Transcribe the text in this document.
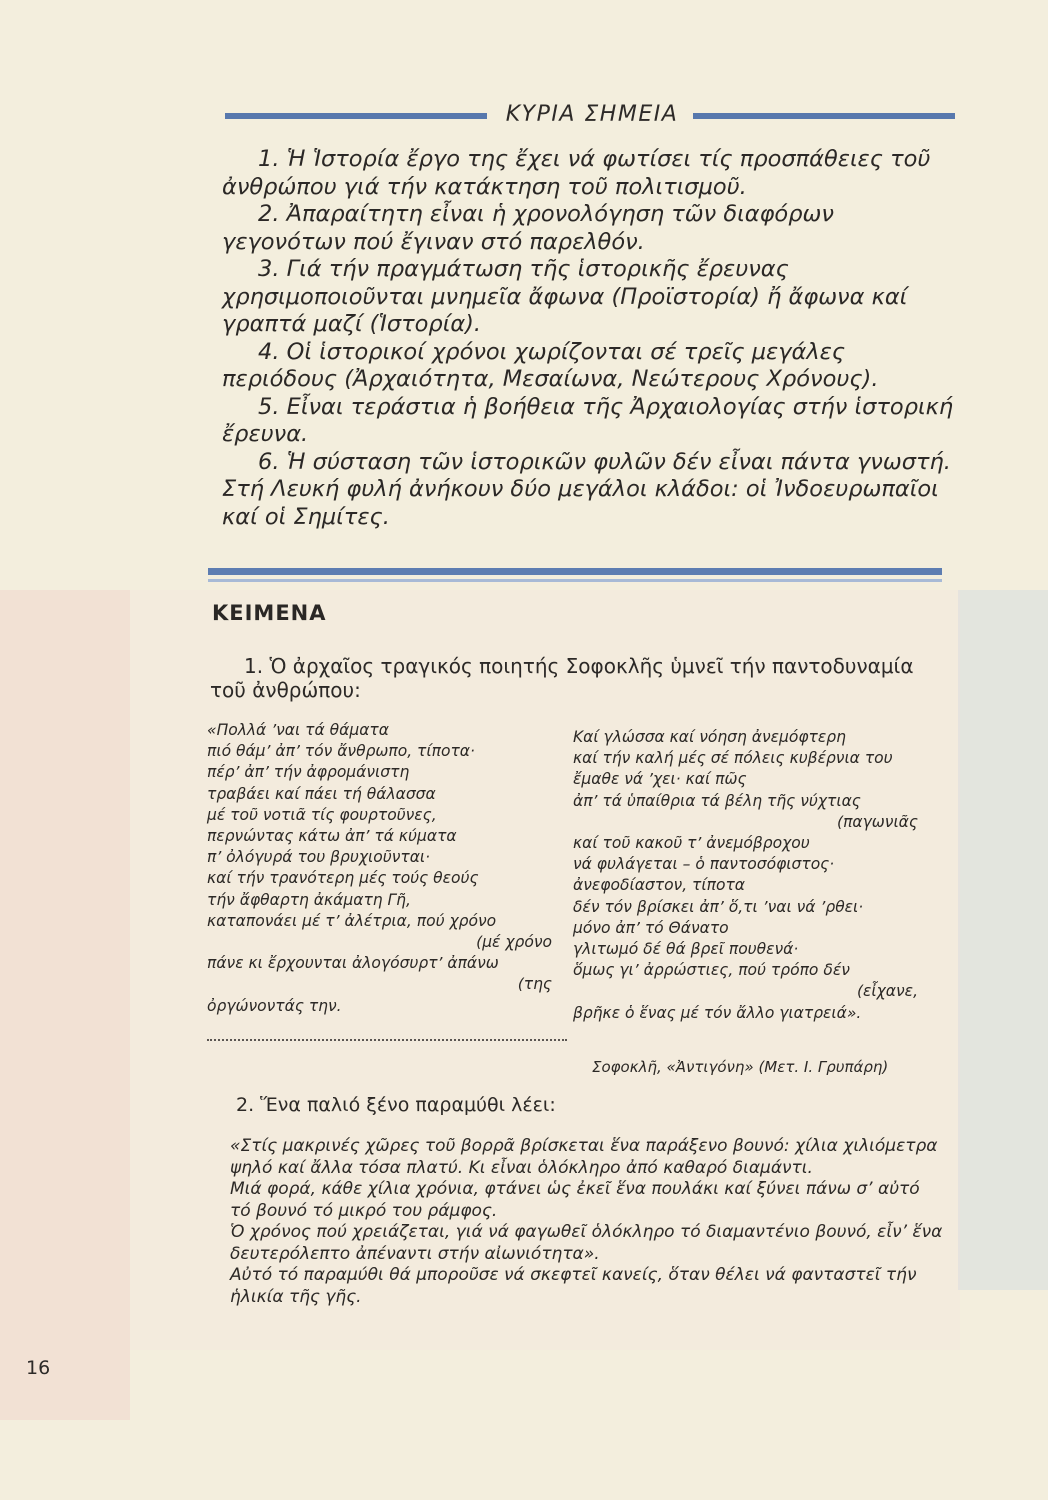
ΚΥΡΙΑ ΣΗΜΕΙΑ

1. Ἡ Ἱστορία ἔργο της ἔχει νά φωτίσει τίς προσπάθειες τοῦ ἀνθρώπου γιά τήν κατάκτηση τοῦ πολιτισμοῦ.

2. Ἀπαραίτητη εἶναι ἡ χρονολόγηση τῶν διαφόρων γεγονότων πού ἔγιναν στό παρελθόν.

3. Γιά τήν πραγμάτωση τῆς ἱστορικῆς ἔρευνας χρησιμοποιοῦνται μνημεῖα ἄφωνα (Προϊστορία) ἤ ἄφωνα καί γραπτά μαζί (Ἱστορία).

4. Οἱ ἱστορικοί χρόνοι χωρίζονται σέ τρεῖς μεγάλες περιόδους (Ἀρχαιότητα, Μεσαίωνα, Νεώτερους Χρόνους).

5. Εἶναι τεράστια ἡ βοήθεια τῆς Ἀρχαιολογίας στήν ἱστορική ἔρευνα.

6. Ἡ σύσταση τῶν ἱστορικῶν φυλῶν δέν εἶναι πάντα γνωστή. Στή Λευκή φυλή ἀνήκουν δύο μεγάλοι κλάδοι: οἱ Ἰνδοευρωπαῖοι καί οἱ Σημίτες.

ΚΕΙΜΕΝΑ
1. Ὁ ἀρχαῖος τραγικός ποιητής Σοφοκλῆς ὑμνεῖ τήν παντοδυναμία τοῦ ἀνθρώπου:
«Πολλά ’ναι τά θάματα
πιό θάμ’ ἀπ’ τόν ἄνθρωπο, τίποτα·
πέρ’ ἀπ’ τήν ἀφρομάνιστη
τραβάει καί πάει τή θάλασσα
μέ τοῦ νοτιᾶ τίς φουρτοῦνες,
περνώντας κάτω ἀπ’ τά κύματα
π’ ὀλόγυρά του βρυχιοῦνται·
καί τήν τρανότερη μές τούς θεούς
τήν ἄφθαρτη ἀκάματη Γῆ,
καταπονάει μέ τ’ ἀλέτρια, πού χρόνο
(μέ χρόνο
πάνε κι ἔρχουνται ἀλογόσυρτ’ ἀπάνω
(της
ὀργώνοντάς την.
Καί γλώσσα καί νόηση ἀνεμόφτερη
καί τήν καλή μές σέ πόλεις κυβέρνια του
ἔμαθε νά ’χει· καί πῶς
ἀπ’ τά ὑπαίθρια τά βέλη τῆς νύχτιας
(παγωνιᾶς
καί τοῦ κακοῦ τ’ ἀνεμόβροχου
νά φυλάγεται – ὁ παντοσόφιστος·
ἀνεφοδίαστον, τίποτα
δέν τόν βρίσκει ἀπ’ ὅ,τι ’ναι νά ’ρθει·
μόνο ἀπ’ τό Θάνατο
γλιτωμό δέ θά βρεῖ πουθενά·
ὅμως γι’ ἀρρώστιες, πού τρόπο δέν
(εἶχανε,
βρῆκε ὁ ἕνας μέ τόν ἄλλο γιατρειά».
Σοφοκλῆ, «Ἀντιγόνη» (Μετ. Ι. Γρυπάρη)
2. Ἕνα παλιό ξένο παραμύθι λέει:

«Στίς μακρινές χῶρες τοῦ βορρᾶ βρίσκεται ἕνα παράξενο βουνό: χίλια χιλιόμετρα ψηλό καί ἄλλα τόσα πλατύ. Κι εἶναι ὁλόκληρο ἀπό καθαρό διαμάντι.

Μιά φορά, κάθε χίλια χρόνια, φτάνει ὡς ἐκεῖ ἕνα πουλάκι καί ξύνει πάνω σ’ αὐτό τό βουνό τό μικρό του ράμφος.

Ὁ χρόνος πού χρειάζεται, γιά νά φαγωθεῖ ὁλόκληρο τό διαμαντένιο βουνό, εἶν’ ἕνα δευτερόλεπτο ἀπέναντι στήν αἰωνιότητα».

Αὐτό τό παραμύθι θά μποροῦσε νά σκεφτεῖ κανείς, ὅταν θέλει νά φανταστεῖ τήν ἡλικία τῆς γῆς.

16
